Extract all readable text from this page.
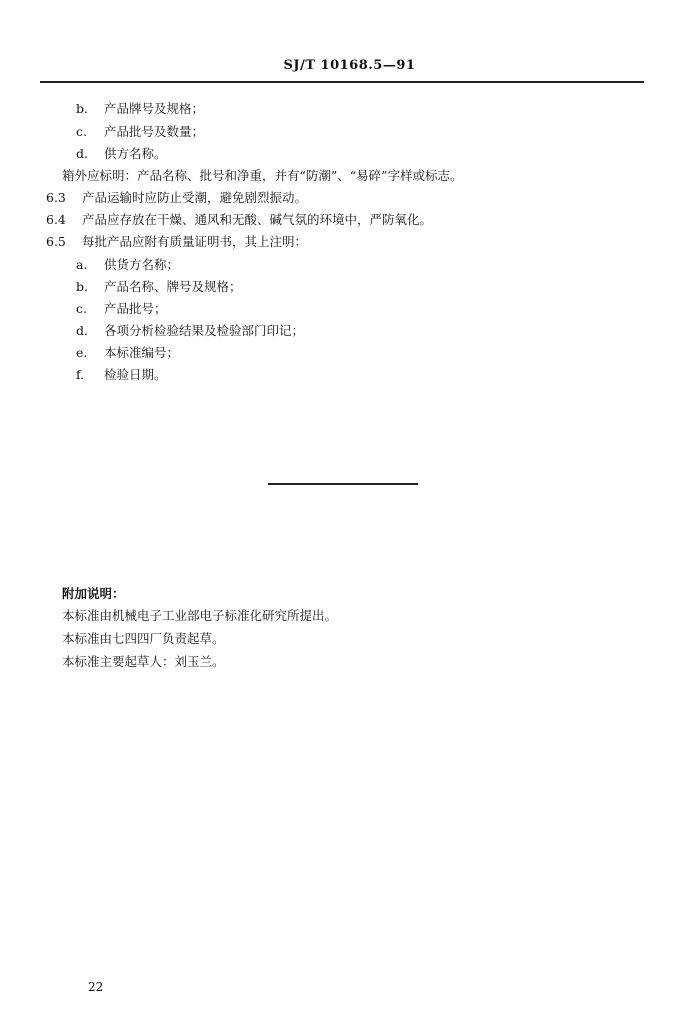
SJ/T 10168.5—91
b. 产品牌号及规格；
c. 产品批号及数量；
d. 供方名称。
箱外应标明：产品名称、批号和净重，并有“防潮”、“易碎”字样或标志。
6.3 产品运输时应防止受潮，避免剧烈振动。
6.4 产品应存放在干燥、通风和无酸、碱气氛的环境中，严防氧化。
6.5 每批产品应附有质量证明书，其上注明：
a. 供货方名称；
b. 产品名称、牌号及规格；
c. 产品批号；
d. 各项分析检验结果及检验部门印记；
e. 本标准编号；
f. 检验日期。
附加说明：
本标准由机械电子工业部电子标准化研究所提出。
本标准由七四四厂负责起草。
本标准主要起草人：刘玉兰。
22
